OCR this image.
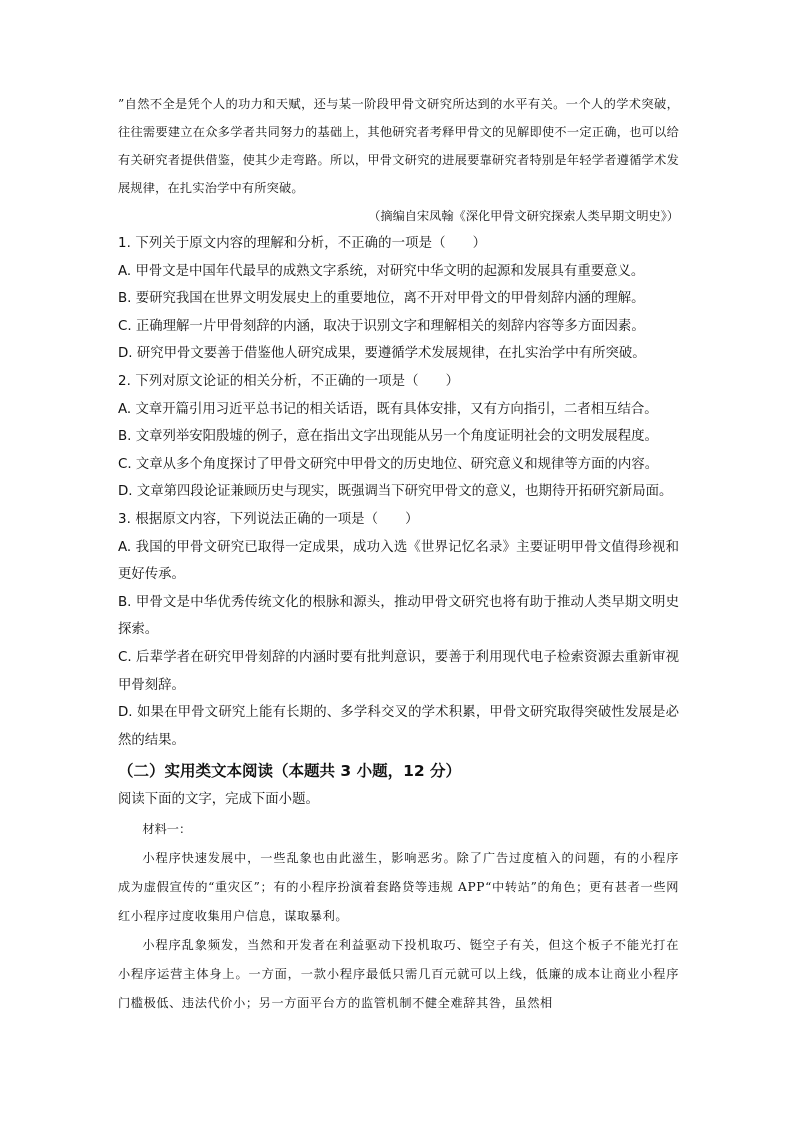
”自然不全是凭个人的功力和天赋，还与某一阶段甲骨文研究所达到的水平有关。一个人的学术突破，往往需要建立在众多学者共同努力的基础上，其他研究者考释甲骨文的见解即使不一定正确，也可以给有关研究者提供借鉴，使其少走弯路。所以，甲骨文研究的进展要靠研究者特别是年轻学者遵循学术发展规律，在扎实治学中有所突破。

（摘编自宋凤翰《深化甲骨文研究探索人类早期文明史》）

1. 下列关于原文内容的理解和分析，不正确的一项是（　　）

A. 甲骨文是中国年代最早的成熟文字系统，对研究中华文明的起源和发展具有重要意义。

B. 要研究我国在世界文明发展史上的重要地位，离不开对甲骨文的甲骨刻辞内涵的理解。

C. 正确理解一片甲骨刻辞的内涵，取决于识别文字和理解相关的刻辞内容等多方面因素。

D. 研究甲骨文要善于借鉴他人研究成果，要遵循学术发展规律，在扎实治学中有所突破。

2. 下列对原文论证的相关分析，不正确的一项是（　　）

A. 文章开篇引用习近平总书记的相关话语，既有具体安排，又有方向指引，二者相互结合。

B. 文章列举安阳殷墟的例子，意在指出文字出现能从另一个角度证明社会的文明发展程度。

C. 文章从多个角度探讨了甲骨文研究中甲骨文的历史地位、研究意义和规律等方面的内容。

D. 文章第四段论证兼顾历史与现实，既强调当下研究甲骨文的意义，也期待开拓研究新局面。

3. 根据原文内容，下列说法正确的一项是（　　）

A. 我国的甲骨文研究已取得一定成果，成功入选《世界记忆名录》主要证明甲骨文值得珍视和更好传承。

B. 甲骨文是中华优秀传统文化的根脉和源头，推动甲骨文研究也将有助于推动人类早期文明史探索。

C. 后辈学者在研究甲骨刻辞的内涵时要有批判意识，要善于利用现代电子检索资源去重新审视甲骨刻辞。

D. 如果在甲骨文研究上能有长期的、多学科交叉的学术积累，甲骨文研究取得突破性发展是必然的结果。

（二）实用类文本阅读（本题共 3 小题，12 分）

阅读下面的文字，完成下面小题。

材料一：

小程序快速发展中，一些乱象也由此滋生，影响恶劣。除了广告过度植入的问题，有的小程序成为虚假宣传的“重灾区”；有的小程序扮演着套路贷等违规 APP“中转站”的角色；更有甚者一些网红小程序过度收集用户信息，谋取暴利。

小程序乱象频发，当然和开发者在利益驱动下投机取巧、铤空子有关，但这个板子不能光打在小程序运营主体身上。一方面，一款小程序最低只需几百元就可以上线，低廉的成本让商业小程序门槛极低、违法代价小；另一方面平台方的监管机制不健全难辞其咎，虽然相
